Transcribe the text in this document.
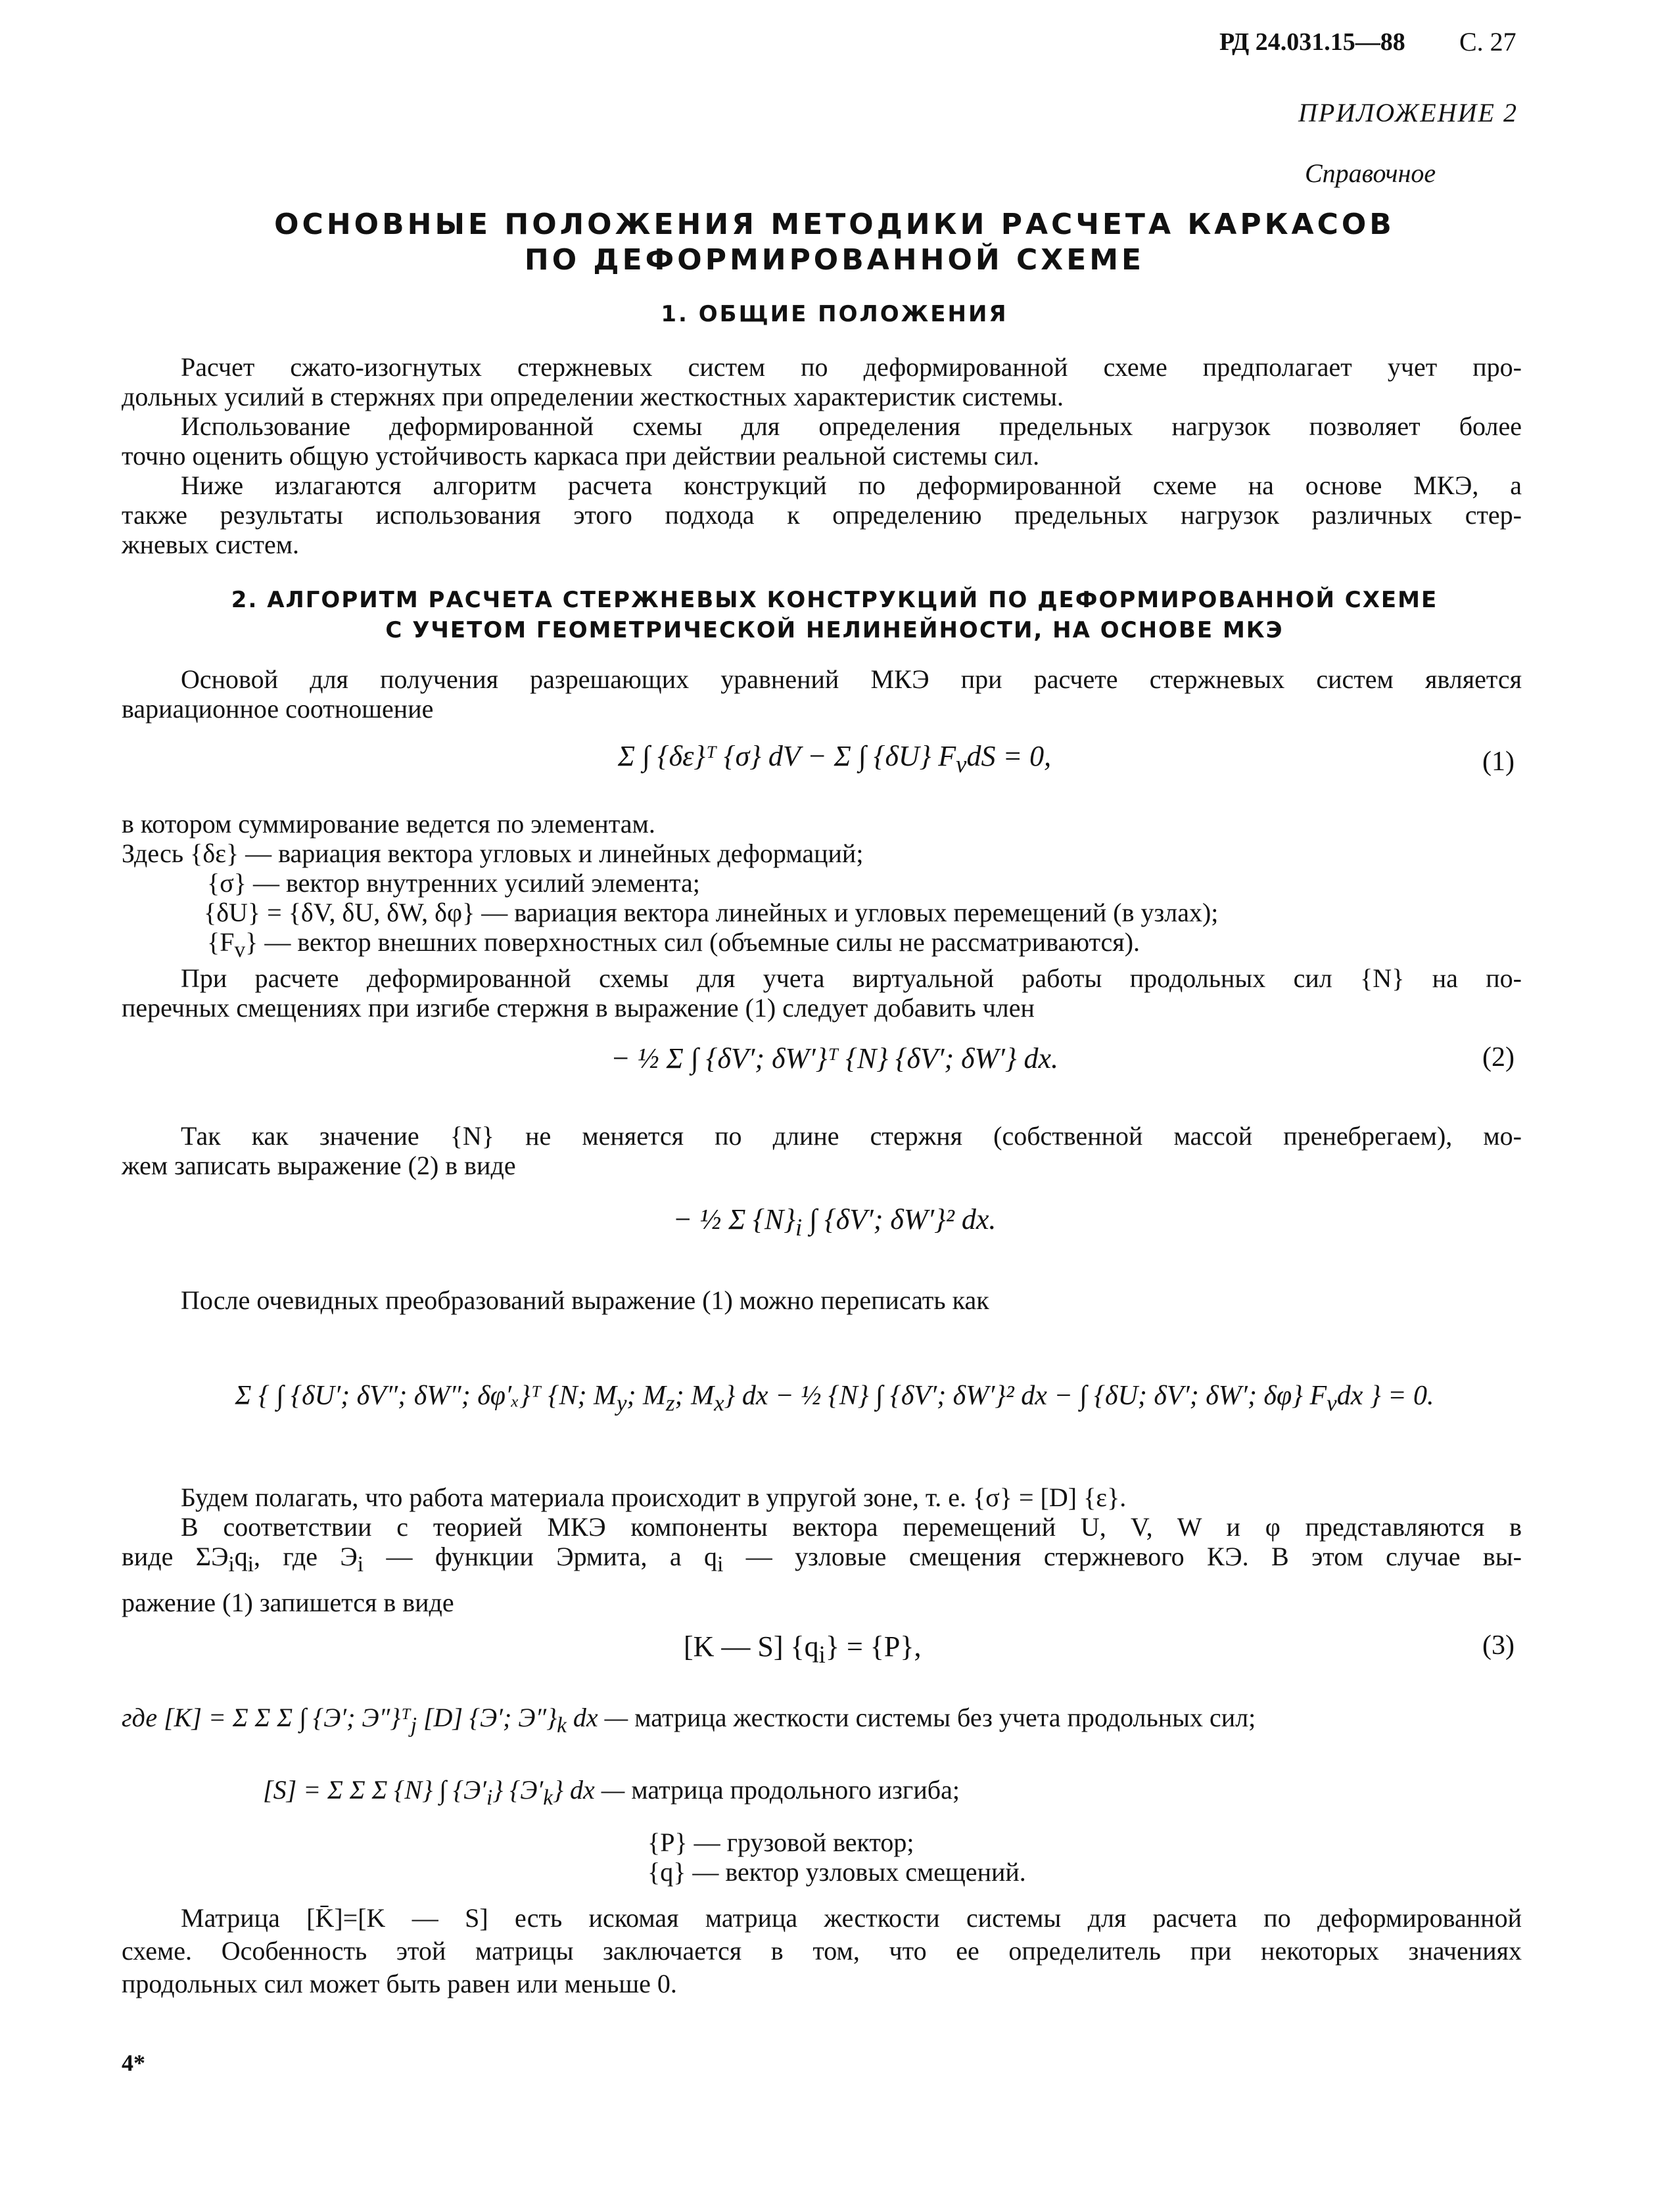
РД 24.031.15—88 С. 27
ПРИЛОЖЕНИЕ 2
Справочное
ОСНОВНЫЕ ПОЛОЖЕНИЯ МЕТОДИКИ РАСЧЕТА КАРКАСОВ
ПО ДЕФОРМИРОВАННОЙ СХЕМЕ
1. ОБЩИЕ ПОЛОЖЕНИЯ
Расчет сжато-изогнутых стержневых систем по деформированной схеме предполагает учет про-
дольных усилий в стержнях при определении жесткостных характеристик системы.
Использование деформированной схемы для определения предельных нагрузок позволяет более
точно оценить общую устойчивость каркаса при действии реальной системы сил.
Ниже излагаются алгоритм расчета конструкций по деформированной схеме на основе МКЭ, а
также результаты использования этого подхода к определению предельных нагрузок различных стер-
жневых систем.
2. АЛГОРИТМ РАСЧЕТА СТЕРЖНЕВЫХ КОНСТРУКЦИЙ ПО ДЕФОРМИРОВАННОЙ СХЕМЕ
С УЧЕТОМ ГЕОМЕТРИЧЕСКОЙ НЕЛИНЕЙНОСТИ, НА ОСНОВЕ МКЭ
Основой для получения разрешающих уравнений МКЭ при расчете стержневых систем является
вариационное соотношение
Σ ∫ {δε}ᵀ {σ} dV − Σ ∫ {δU} $F_vdS = 0$,	(1)
в котором суммирование ведется по элементам.
Здесь {δε} — вариация вектора угловых и линейных деформаций;
{σ} — вектор внутренних усилий элемента;
{δU} = {δV, δU, δW, δφ} — вариация вектора линейных и угловых перемещений (в узлах);
$\{F_v\}$ — вектор внешних поверхностных сил (объемные силы не рассматриваются).
При расчете деформированной схемы для учета виртуальной работы продольных сил {N} на по-
перечных смещениях при изгибе стержня в выражение (1) следует добавить член
− ½ Σ ∫ {δV′; δW′}ᵀ {N} {δV′; δW′} dx.	(2)
Так как значение {N} не меняется по длине стержня (собственной массой пренебрегаем), мо-
жем записать выражение (2) в виде
− ½ Σ $\{N\}_i$ ∫ {δV′; δW′}² dx.
После очевидных преобразований выражение (1) можно переписать как
Σ { ∫ {δU′; δV″; δW″; δφ′ₓ}ᵀ {N; $M_y$; $M_z$; $M_x$} dx − ½ {N} ∫ {δV′; δW′}² dx − ∫ {δU; δV′; δW′; δφ} $F_vdx$ } = 0.
Будем полагать, что работа материала происходит в упругой зоне, т. е. {σ} = [D] {ε}.
В соответствии с теорией МКЭ компоненты вектора перемещений U, V, W и φ представляются в
виде $\Sigma Э_iq_i$, где $Э_i$ — функции Эрмита, а $q_i$ — узловые смещения стержневого КЭ. В этом случае вы-
ражение (1) запишется в виде
[K — S] $\{q_i\} = \{P\}$,	(3)
где [K] = Σ Σ Σ ∫ {Э′; Э″}ᵀ$_j$ [D] {Э′; $Э''\}_k$ dx — матрица жесткости системы без учета продольных сил;
[S] = Σ Σ Σ {N} ∫ $\{Э'_i\}$ $\{Э'_k\}$ dx — матрица продольного изгиба;
{P} — грузовой вектор;
{q} — вектор узловых смещений.
Матрица [K̄]=[K — S] есть искомая матрица жесткости системы для расчета по деформированной
схеме. Особенность этой матрицы заключается в том, что ее определитель при некоторых значениях
продольных сил может быть равен или меньше 0.
4*
